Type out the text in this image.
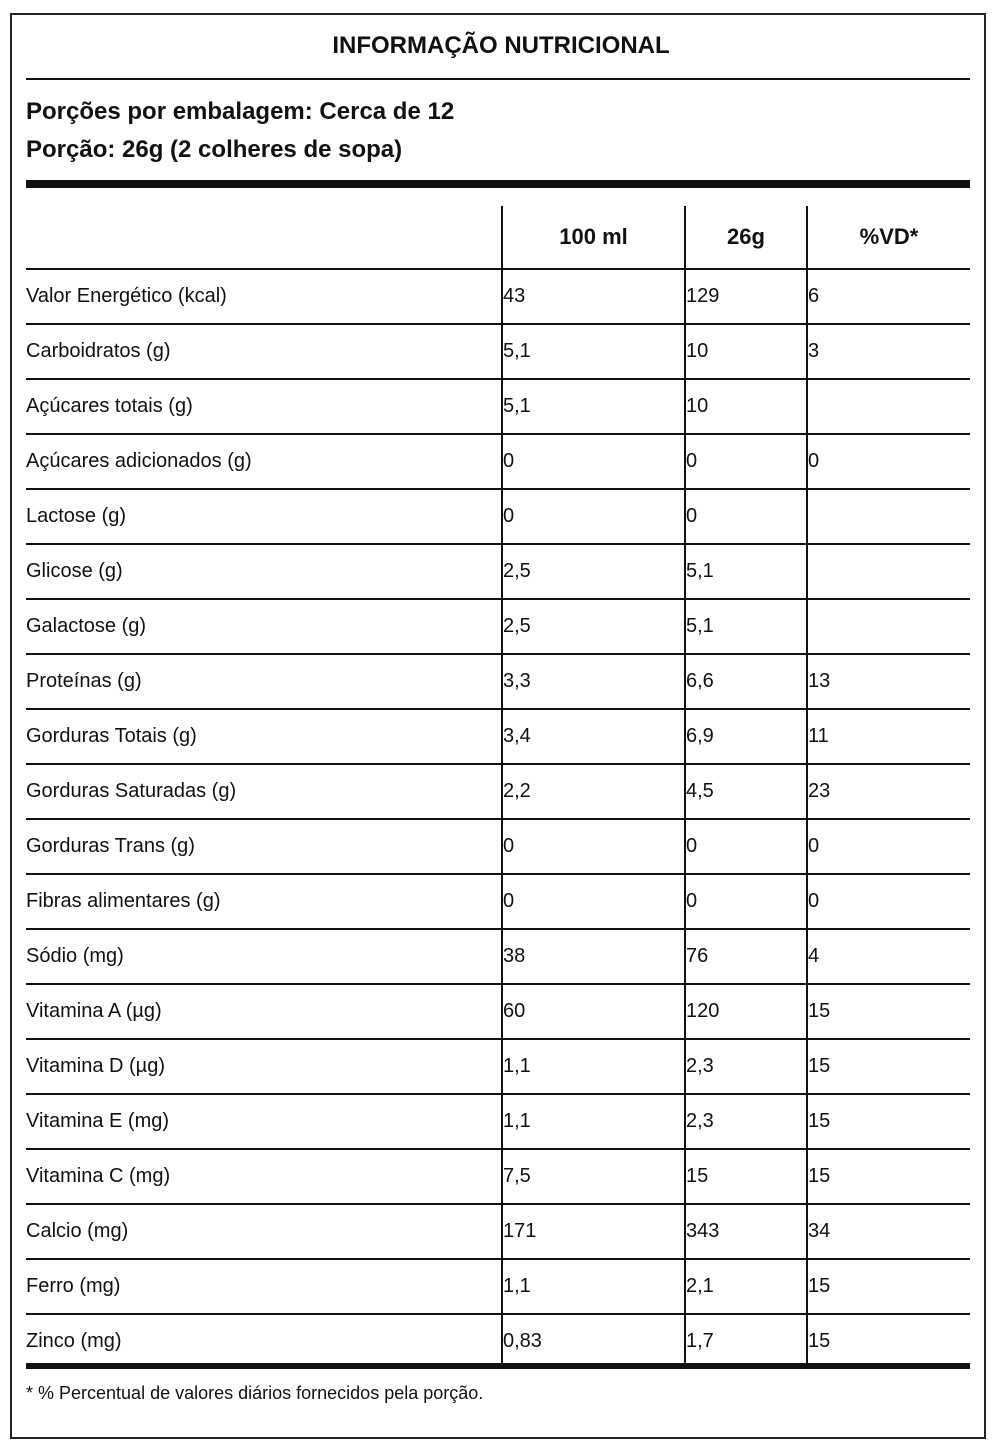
INFORMAÇÃO NUTRICIONAL
Porções por embalagem: Cerca de 12
Porção: 26g (2 colheres de sopa)
	100 ml	26g	%VD*
Valor Energético (kcal)	43	129	6
Carboidratos (g)	5,1	10	3
Açúcares totais (g)	5,1	10	
Açúcares adicionados (g)	0	0	0
Lactose (g)	0	0	
Glicose (g)	2,5	5,1	
Galactose (g)	2,5	5,1	
Proteínas (g)	3,3	6,6	13
Gorduras Totais (g)	3,4	6,9	11
Gorduras Saturadas (g)	2,2	4,5	23
Gorduras Trans (g)	0	0	0
Fibras alimentares (g)	0	0	0
Sódio (mg)	38	76	4
Vitamina A (µg)	60	120	15
Vitamina D (µg)	1,1	2,3	15
Vitamina E (mg)	1,1	2,3	15
Vitamina C (mg)	7,5	15	15
Calcio (mg)	171	343	34
Ferro (mg)	1,1	2,1	15
Zinco (mg)	0,83	1,7	15
* % Percentual de valores diários fornecidos pela porção.
